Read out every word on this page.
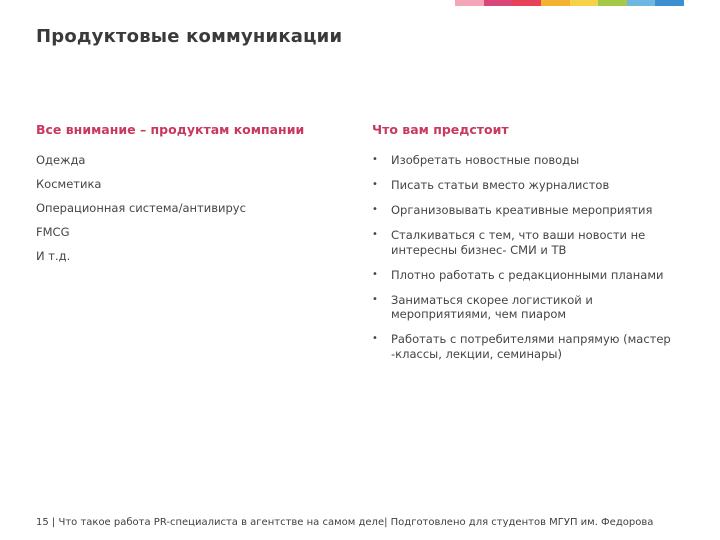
Продуктовые коммуникации
Все внимание – продуктам компании
Одежда
Косметика
Операционная система/антивирус
FMCG
И т.д.
Что вам предстоит
•	Изобретать новостные поводы
•	Писать статьи вместо журналистов
•	Организовывать креативные мероприятия
•	Сталкиваться с тем, что ваши новости не интересны бизнес- СМИ и ТВ
•	Плотно работать с редакционными планами
•	Заниматься скорее логистикой и мероприятиями, чем пиаром
•	Работать с потребителями напрямую (мастер -классы, лекции, семинары)
15 | Что такое работа PR-специалиста в агентстве на самом деле| Подготовлено для студентов МГУП им. Федорова
